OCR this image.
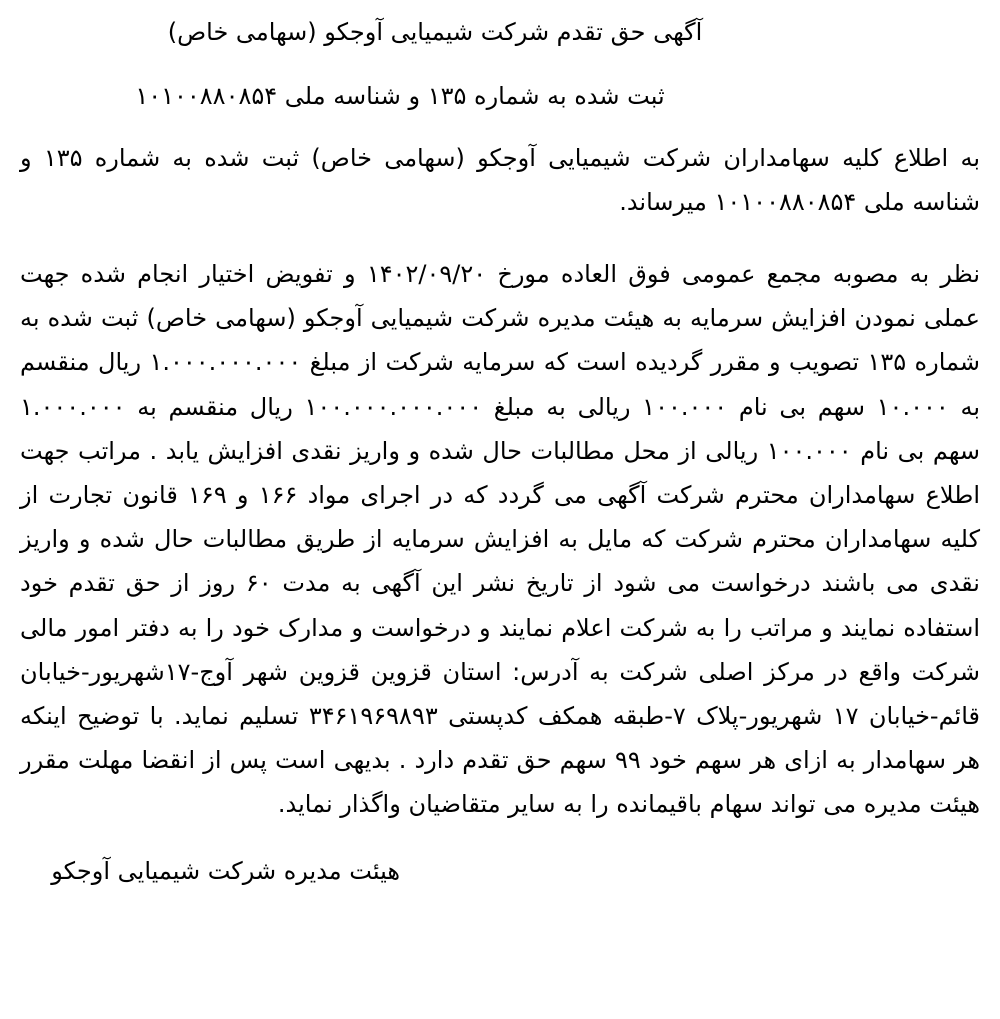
آگهی حق تقدم شرکت شیمیایی آوجکو (سهامی خاص)

ثبت شده به شماره ۱۳۵ و شناسه ملی ۱۰۱۰۰۸۸۰۸۵۴

به اطلاع کلیه سهامداران شرکت شیمیایی آوجکو (سهامی خاص) ثبت شده به شماره ۱۳۵ و شناسه ملی ۱۰۱۰۰۸۸۰۸۵۴ میرساند.

نظر به مصوبه مجمع عمومی فوق العاده مورخ ۱۴۰۲/۰۹/۲۰ و تفویض اختیار انجام شده جهت عملی نمودن افزایش سرمایه به هیئت مدیره شرکت شیمیایی آوجکو (سهامی خاص) ثبت شده به شماره ۱۳۵ تصویب و مقرر گردیده است که سرمایه شرکت از مبلغ ۱.۰۰۰.۰۰۰.۰۰۰ ریال منقسم به ۱۰.۰۰۰ سهم بی نام ۱۰۰.۰۰۰ ریالی به مبلغ ۱۰۰.۰۰۰.۰۰۰.۰۰۰ ریال منقسم به ۱.۰۰۰.۰۰۰ سهم بی نام ۱۰۰.۰۰۰ ریالی از محل مطالبات حال شده و واریز نقدی افزایش یابد . مراتب جهت اطلاع سهامداران محترم شرکت آگهی می گردد که در اجرای مواد ۱۶۶ و ۱۶۹ قانون تجارت از کلیه سهامداران محترم شرکت که مایل به افزایش سرمایه از طریق مطالبات حال شده و واریز نقدی می باشند درخواست می شود از تاریخ نشر این آگهی به مدت ۶۰ روز از حق تقدم خود استفاده نمایند و مراتب را به شرکت اعلام نمایند و درخواست و مدارک خود را به دفتر امور مالی شرکت واقع در مرکز اصلی شرکت به آدرس: استان قزوین قزوین شهر آوج-۱۷شهریور-خیابان قائم-خیابان ۱۷ شهریور-پلاک ۷-طبقه همکف کدپستی ۳۴۶۱۹۶۹۸۹۳ تسلیم نماید. با توضیح اینکه هر سهامدار به ازای هر سهم خود ۹۹ سهم حق تقدم دارد . بدیهی است پس از انقضا مهلت مقرر هیئت مدیره می تواند سهام باقیمانده را به سایر متقاضیان واگذار نماید.

هیئت مدیره شرکت شیمیایی آوجکو
